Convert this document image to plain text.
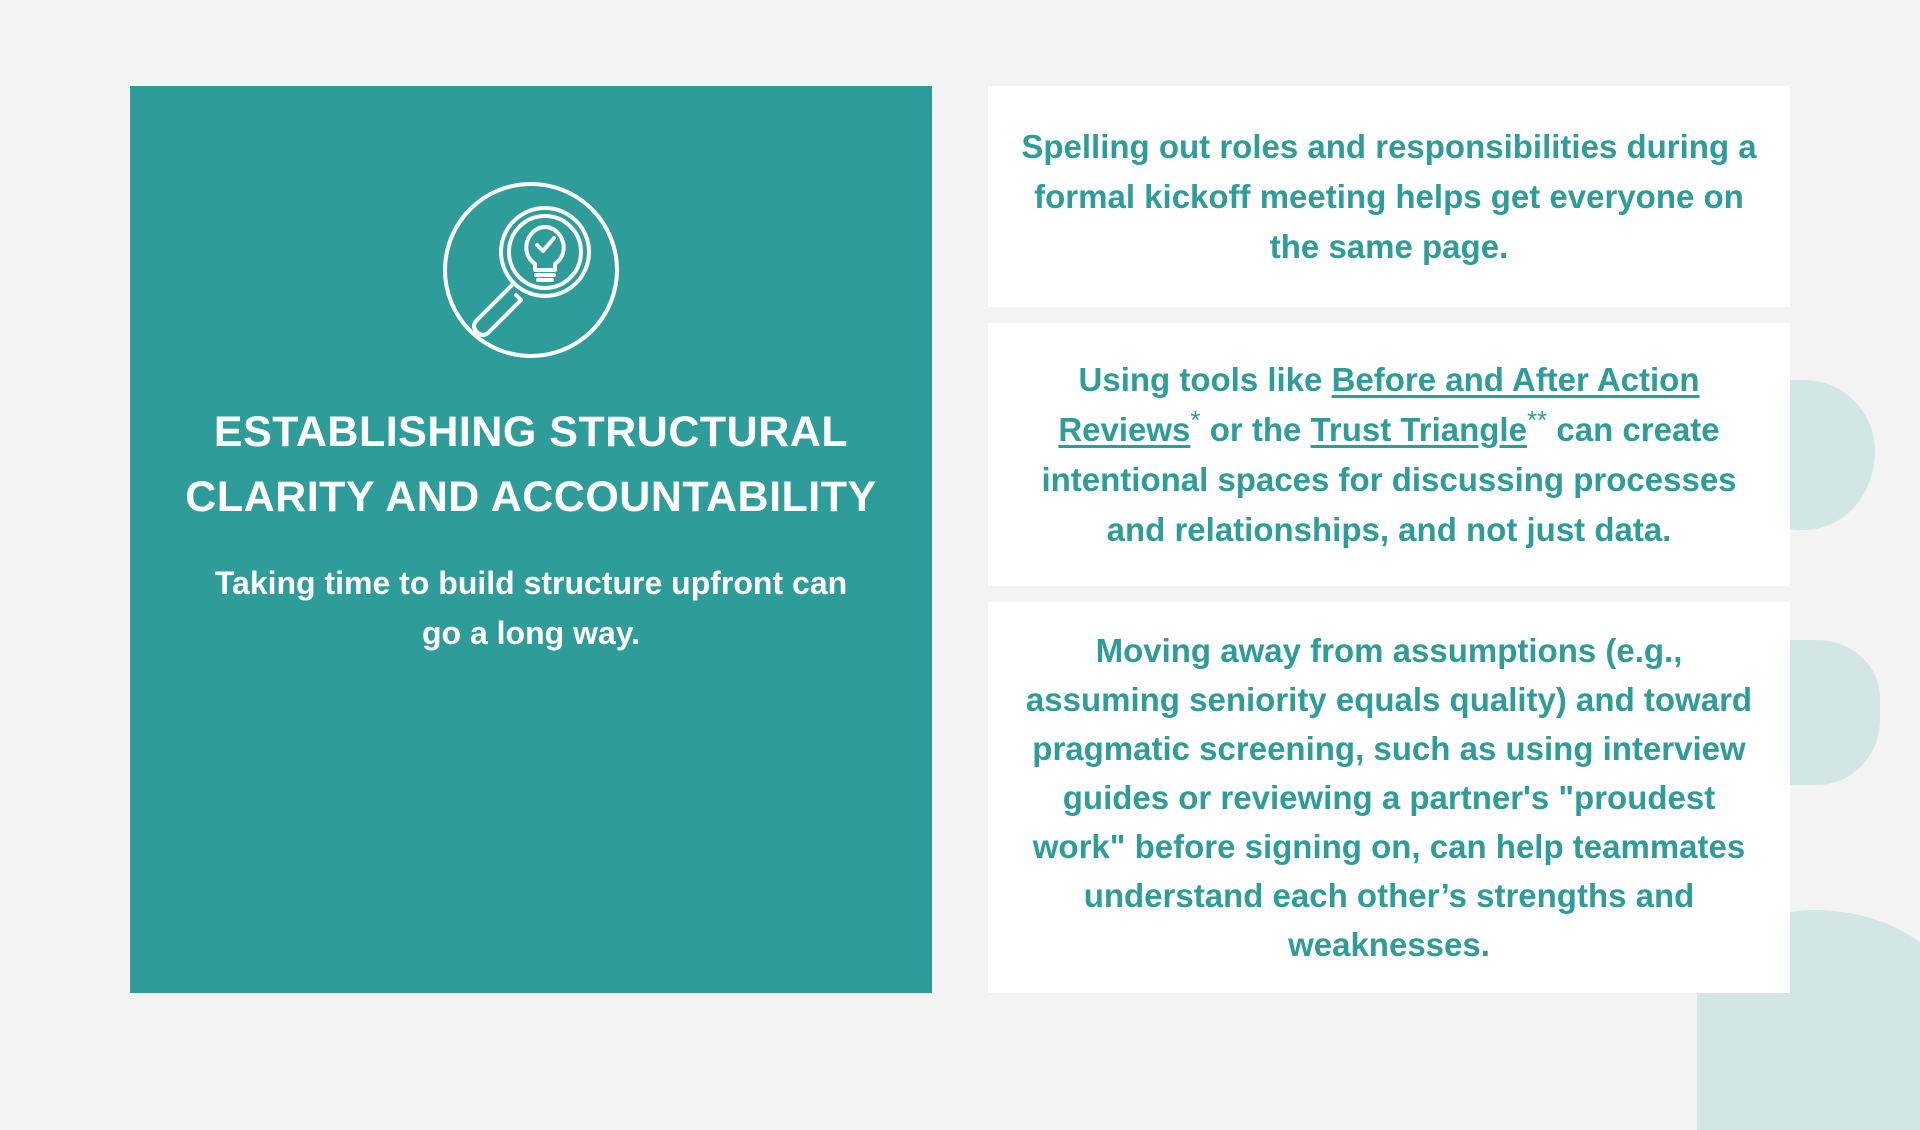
ESTABLISHING STRUCTURAL CLARITY AND ACCOUNTABILITY
Taking time to build structure upfront can go a long way.

Spelling out roles and responsibilities during a formal kickoff meeting helps get everyone on the same page.

Using tools like Before and After Action Reviews* or the Trust Triangle** can create intentional spaces for discussing processes and relationships, and not just data.

Moving away from assumptions (e.g., assuming seniority equals quality) and toward pragmatic screening, such as using interview guides or reviewing a partner's "proudest work" before signing on, can help teammates understand each other’s strengths and weaknesses.
